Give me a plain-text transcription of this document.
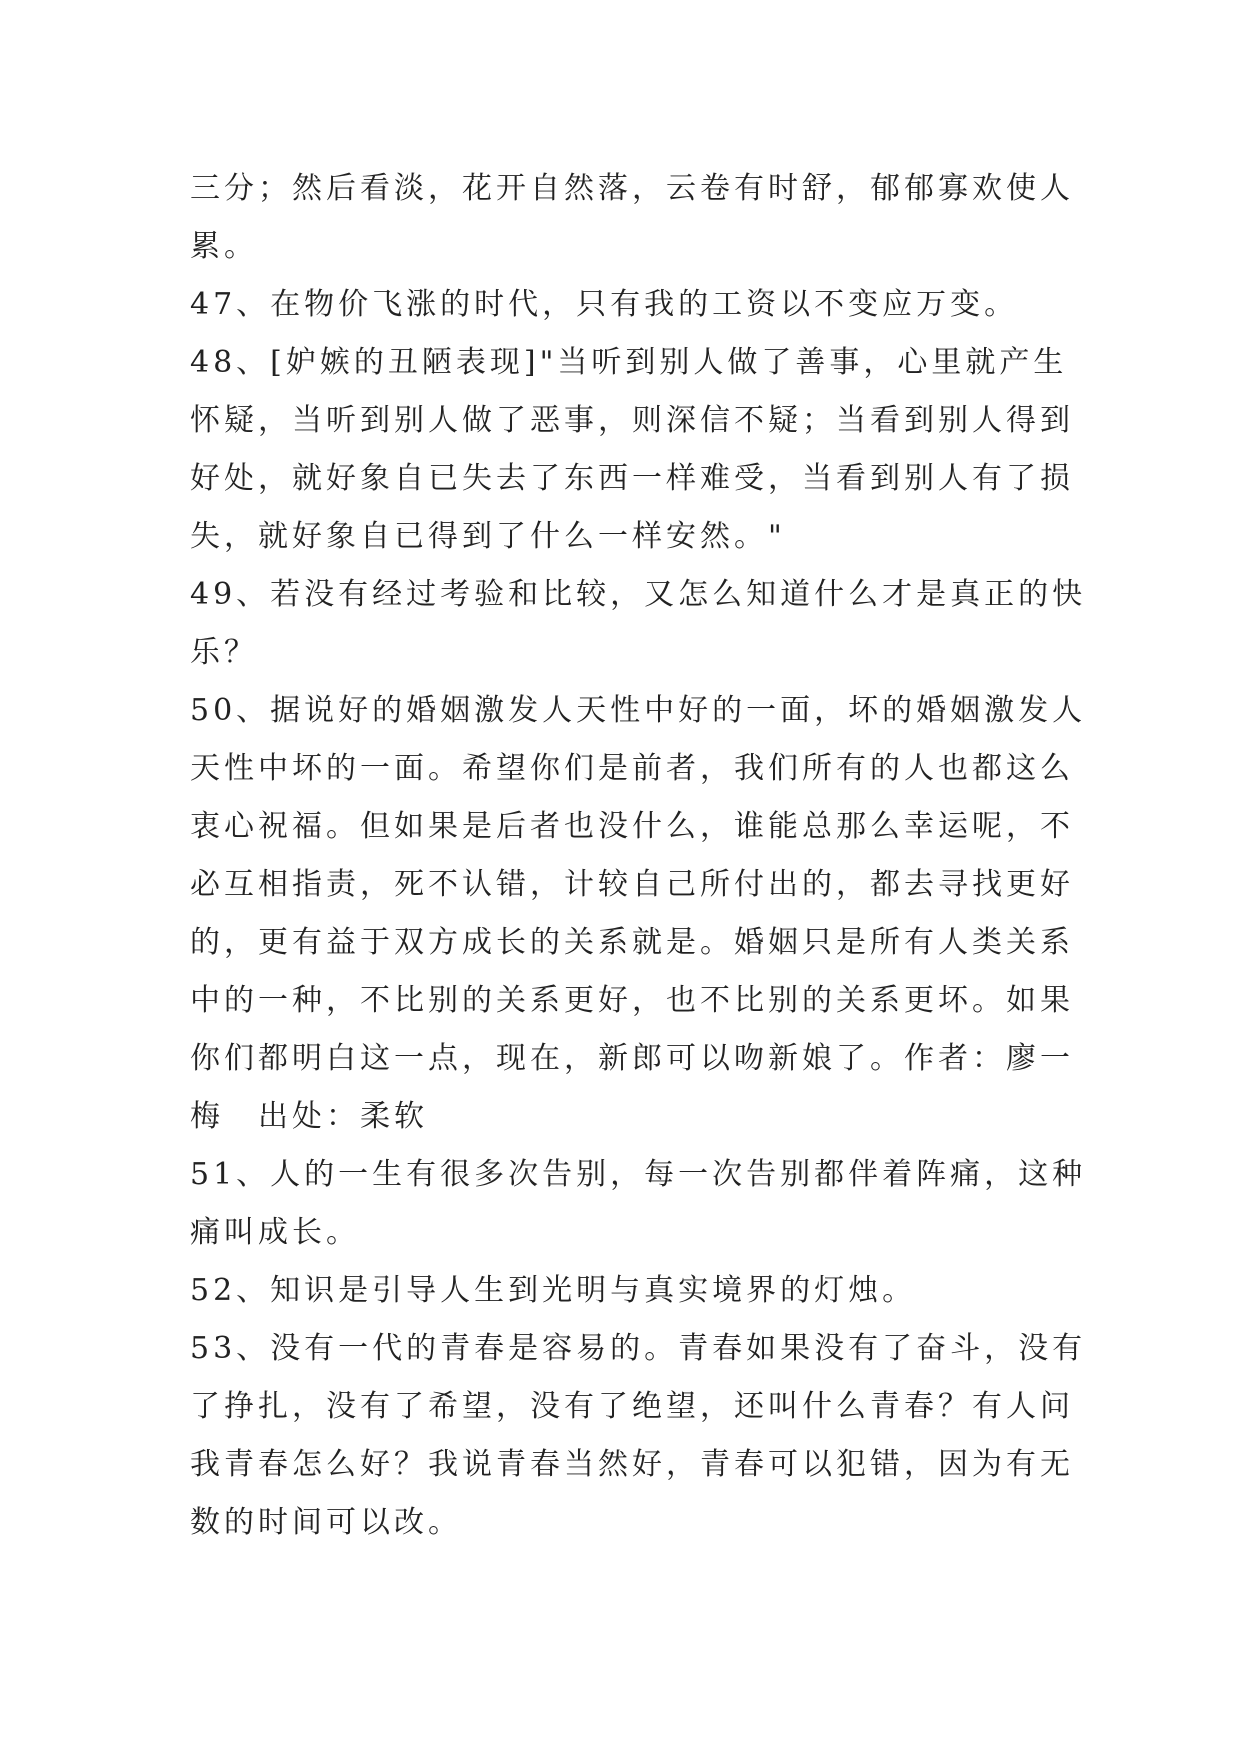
三分；然后看淡，花开自然落，云卷有时舒，郁郁寡欢使人
累。
47、在物价飞涨的时代，只有我的工资以不变应万变。
48、[妒嫉的丑陋表现]"当听到别人做了善事，心里就产生
怀疑，当听到别人做了恶事，则深信不疑；当看到别人得到
好处，就好象自已失去了东西一样难受，当看到别人有了损
失，就好象自已得到了什么一样安然。"
49、若没有经过考验和比较，又怎么知道什么才是真正的快
乐？
50、据说好的婚姻激发人天性中好的一面，坏的婚姻激发人
天性中坏的一面。希望你们是前者，我们所有的人也都这么
衷心祝福。但如果是后者也没什么，谁能总那么幸运呢，不
必互相指责，死不认错，计较自己所付出的，都去寻找更好
的，更有益于双方成长的关系就是。婚姻只是所有人类关系
中的一种，不比别的关系更好，也不比别的关系更坏。如果
你们都明白这一点，现在，新郎可以吻新娘了。作者：廖一
梅　出处：柔软
51、人的一生有很多次告别，每一次告别都伴着阵痛，这种
痛叫成长。
52、知识是引导人生到光明与真实境界的灯烛。
53、没有一代的青春是容易的。青春如果没有了奋斗，没有
了挣扎，没有了希望，没有了绝望，还叫什么青春？有人问
我青春怎么好？我说青春当然好，青春可以犯错，因为有无
数的时间可以改。
